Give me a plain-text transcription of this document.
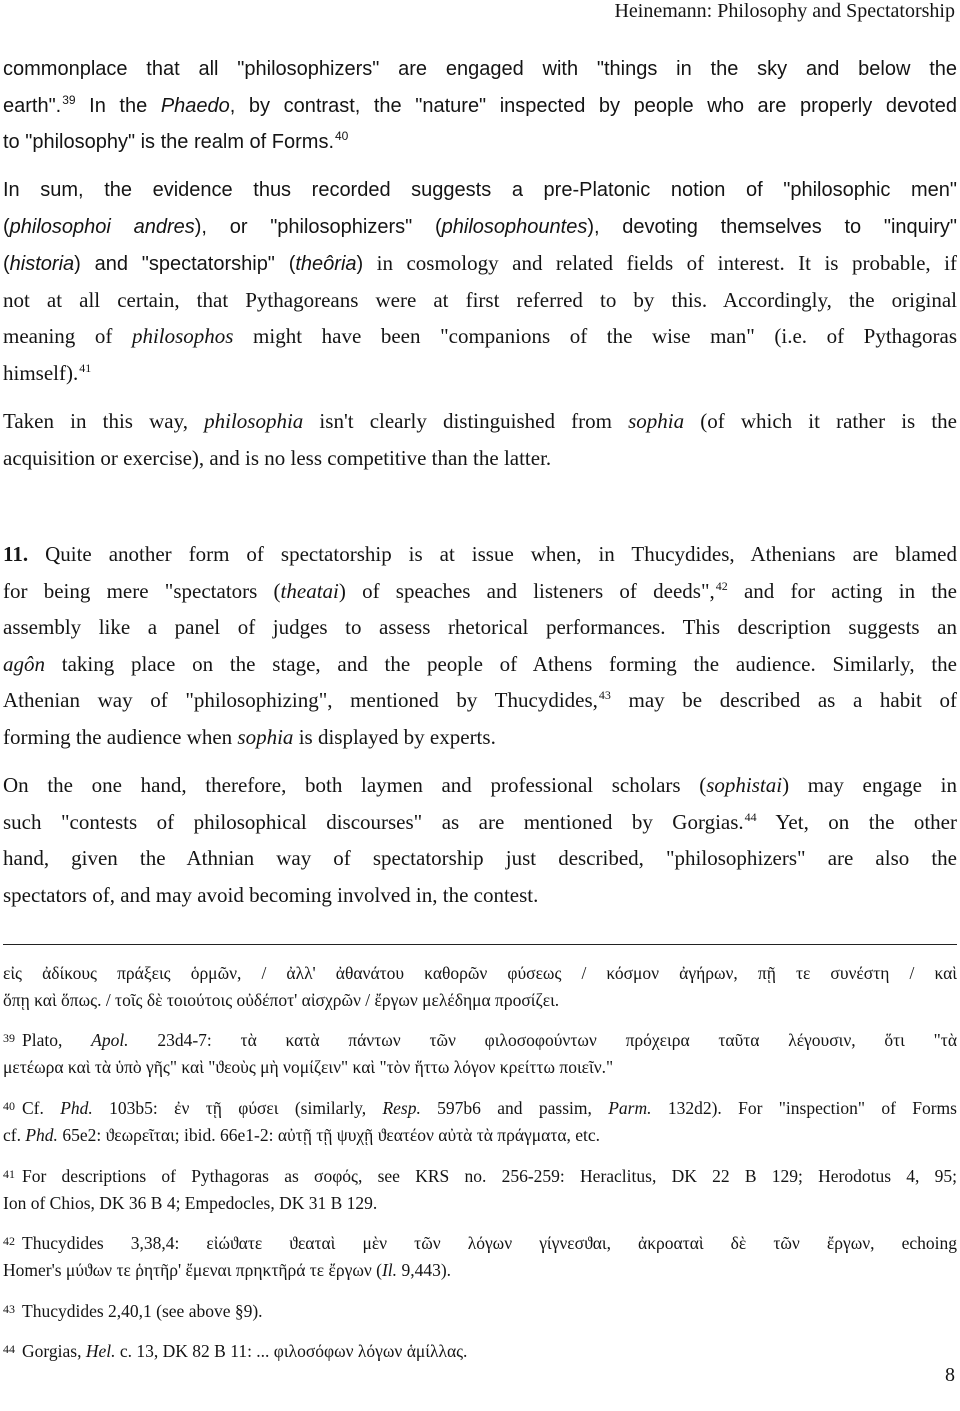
Heinemann: Philosophy and Spectatorship
commonplace that all "philosophizers" are engaged with "things in the sky and below the
earth".$^{39}$ In the Phaedo, by contrast, the "nature" inspected by people who are properly devoted
to "philosophy" is the realm of Forms.$^{40}$
In sum, the evidence thus recorded suggests a pre-Platonic notion of "philosophic men"
(philosophoi andres), or "philosophizers" (philosophountes), devoting themselves to "inquiry"
(historia) and "spectatorship" (theôria) in cosmology and related fields of interest. It is probable, if
not at all certain, that Pythagoreans were at first referred to by this. Accordingly, the original
meaning of philosophos might have been "companions of the wise man" (i.e. of Pythagoras
himself).$^{41}$
Taken in this way, philosophia isn't clearly distinguished from sophia (of which it rather is the
acquisition or exercise), and is no less competitive than the latter.
11. Quite another form of spectatorship is at issue when, in Thucydides, Athenians are blamed
for being mere "spectators (theatai) of speaches and listeners of deeds",$^{42}$ and for acting in the
assembly like a panel of judges to assess rhetorical performances. This description suggests an
agôn taking place on the stage, and the people of Athens forming the audience. Similarly, the
Athenian way of "philosophizing", mentioned by Thucydides,$^{43}$ may be described as a habit of
forming the audience when sophia is displayed by experts.
On the one hand, therefore, both laymen and professional scholars (sophistai) may engage in
such "contests of philosophical discourses" as are mentioned by Gorgias.$^{44}$ Yet, on the other
hand, given the Athnian way of spectatorship just described, "philosophizers" are also the
spectators of, and may avoid becoming involved in, the contest.
εἰς ἀδίκους πράξεις ὁρμῶν, / ἀλλ' ἀθανάτου καθορῶν φύσεως / κόσμον ἀγήρων, πῇ τε συνέστη / καὶ
ὅπῃ καὶ ὅπως. / τοῖς δὲ τοιούτοις οὐδέποτ' αἰσχρῶν / ἔργων μελέδημα προσίζει.
$^{39}$ Plato, Apol. 23d4-7: τὰ κατὰ πάντων τῶν φιλοσοφούντων πρόχειρα ταῦτα λέγουσιν, ὅτι "τὰ
μετέωρα καὶ τὰ ὑπὸ γῆς" καὶ "ϑεοὺς μὴ νομίζειν" καὶ "τὸν ἥττω λόγον κρείττω ποιεῖν."
$^{40}$ Cf. Phd. 103b5: ἐν τῇ φύσει (similarly, Resp. 597b6 and passim, Parm. 132d2). For "inspection" of Forms
cf. Phd. 65e2: ϑεωρεῖται; ibid. 66e1-2: αὐτῇ τῇ ψυχῇ ϑεατέον αὐτὰ τὰ πράγματα, etc.
$^{41}$ For descriptions of Pythagoras as σοφός, see KRS no. 256-259: Heraclitus, DK 22 B 129; Herodotus 4, 95;
Ion of Chios, DK 36 B 4; Empedocles, DK 31 B 129.
$^{42}$ Thucydides 3,38,4: εἰώϑατε ϑεαταὶ μὲν τῶν λόγων γίγνεσϑαι, ἀκροαταὶ δὲ τῶν ἔργων, echoing
Homer's μύϑων τε ῥητῆρ' ἔμεναι πρηκτῆρά τε ἔργων (Il. 9,443).
$^{43}$ Thucydides 2,40,1 (see above §9).
$^{44}$ Gorgias, Hel. c. 13, DK 82 B 11: ... φιλοσόφων λόγων ἁμίλλας.
8
